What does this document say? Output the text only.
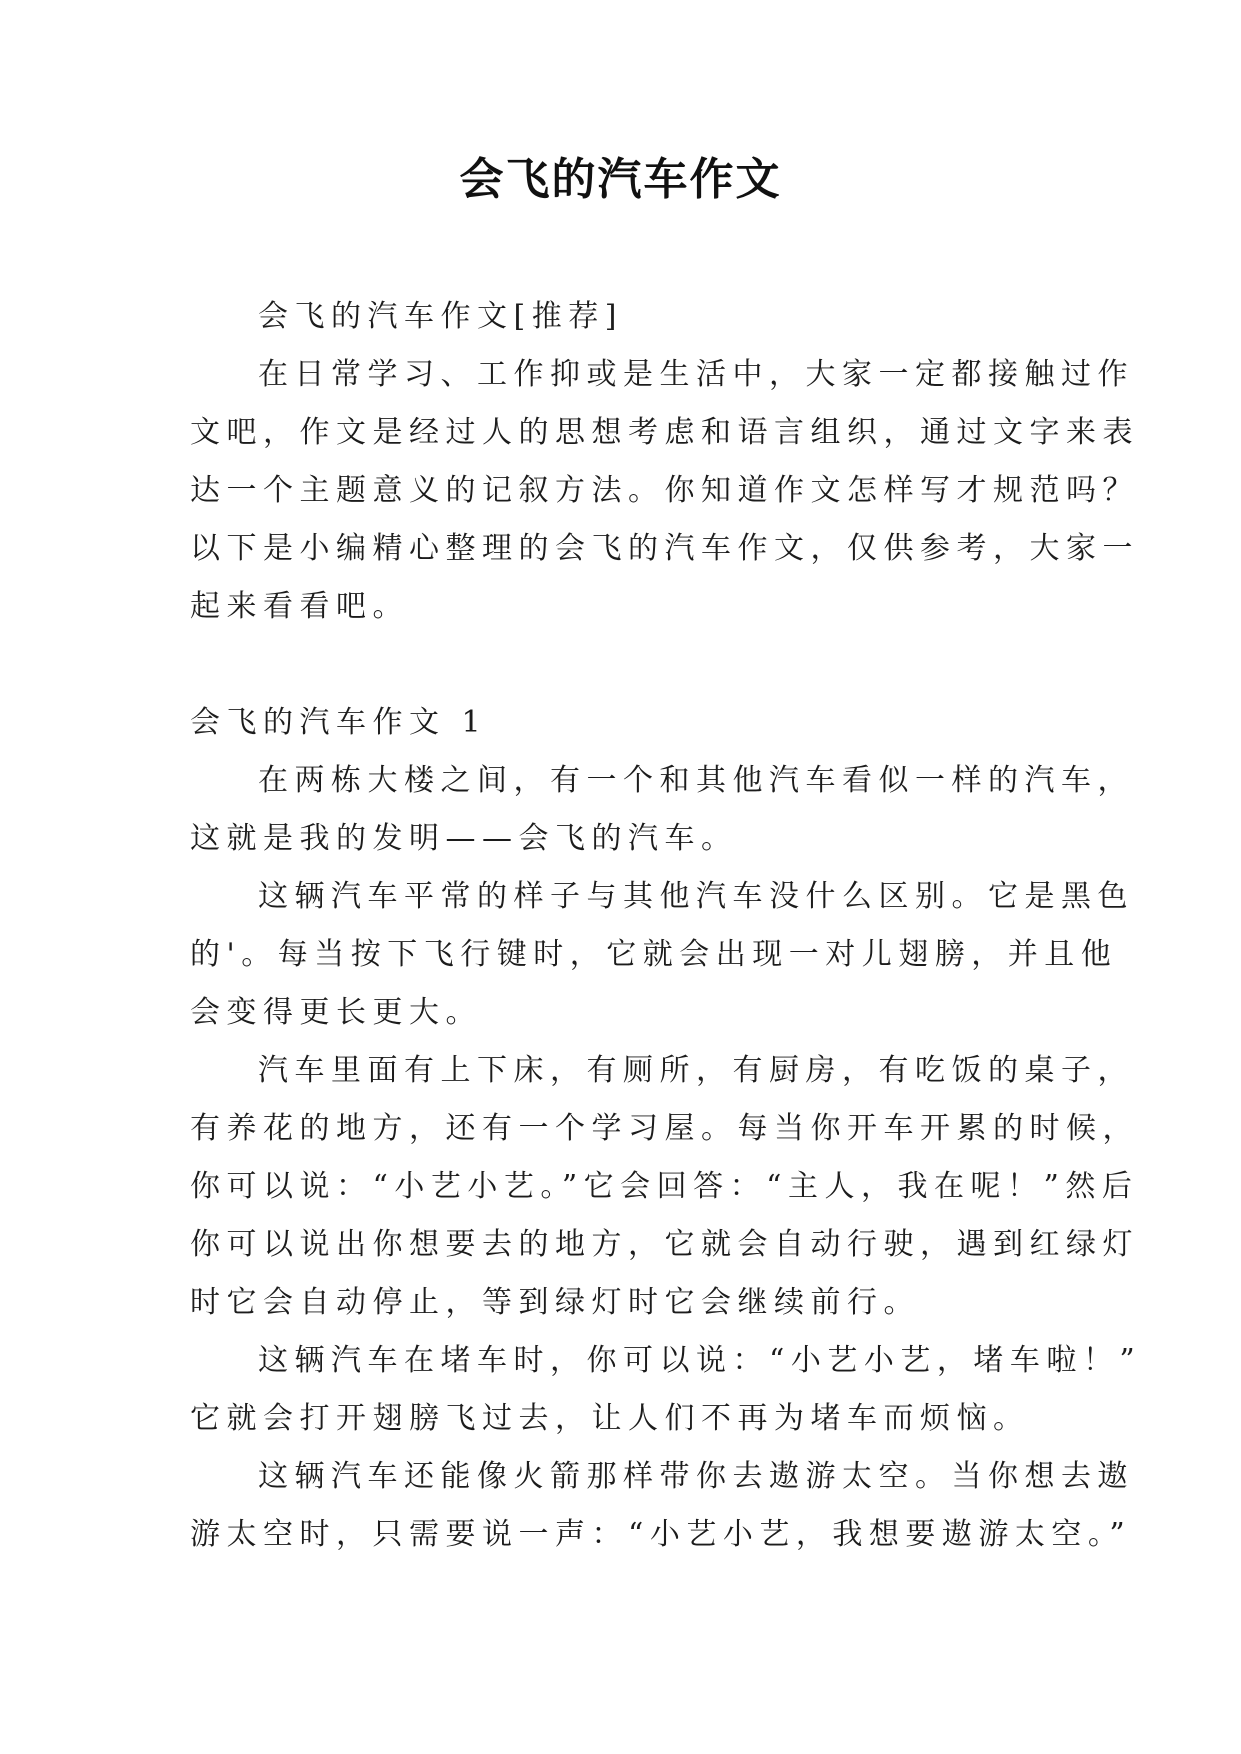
会飞的汽车作文

会飞的汽车作文[推荐]

在日常学习、工作抑或是生活中，大家一定都接触过作
文吧，作文是经过人的思想考虑和语言组织，通过文字来表
达一个主题意义的记叙方法。你知道作文怎样写才规范吗？
以下是小编精心整理的会飞的汽车作文，仅供参考，大家一
起来看看吧。

会飞的汽车作文 1

在两栋大楼之间，有一个和其他汽车看似一样的汽车，
这就是我的发明——会飞的汽车。

这辆汽车平常的样子与其他汽车没什么区别。它是黑色
的'。每当按下飞行键时，它就会出现一对儿翅膀，并且他
会变得更长更大。

汽车里面有上下床，有厕所，有厨房，有吃饭的桌子，
有养花的地方，还有一个学习屋。每当你开车开累的时候，
你可以说：“小艺小艺。”它会回答：“主人，我在呢！”然后
你可以说出你想要去的地方，它就会自动行驶，遇到红绿灯
时它会自动停止，等到绿灯时它会继续前行。

这辆汽车在堵车时，你可以说：“小艺小艺，堵车啦！”
它就会打开翅膀飞过去，让人们不再为堵车而烦恼。

这辆汽车还能像火箭那样带你去遨游太空。当你想去遨
游太空时，只需要说一声：“小艺小艺，我想要遨游太空。”
